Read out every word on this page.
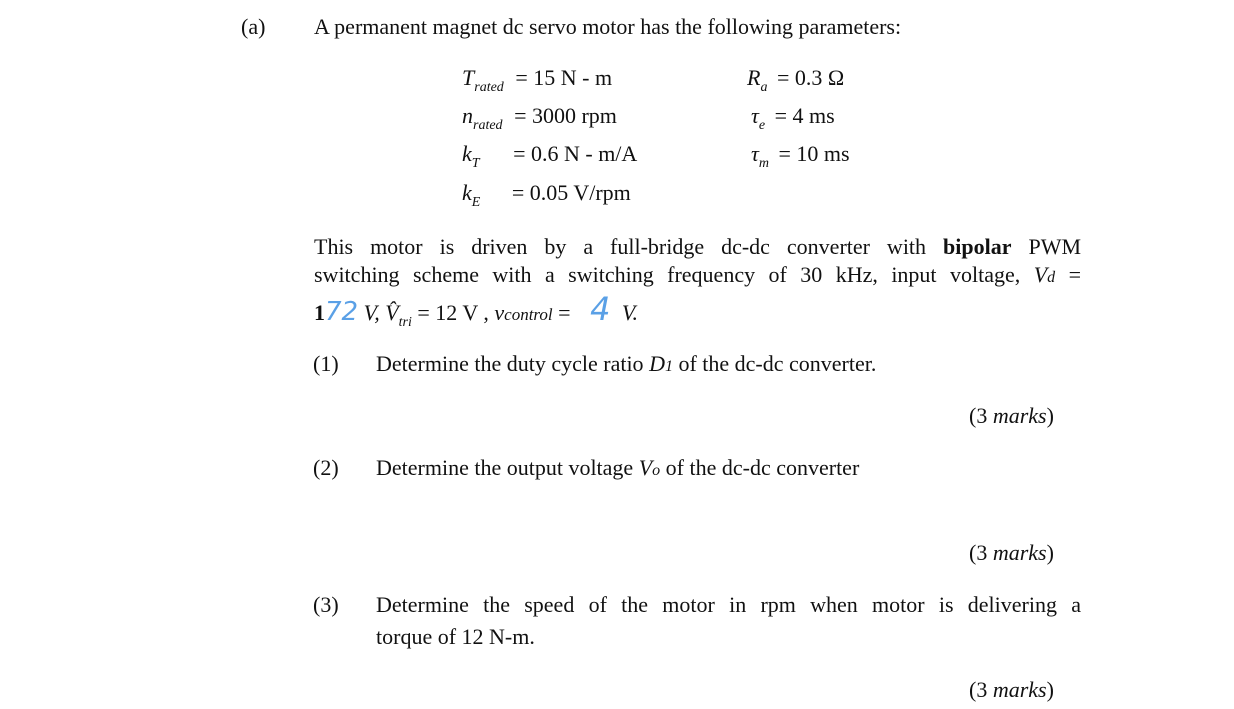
(a) A permanent magnet dc servo motor has the following parameters:
$T_{rated} = 15$ N - m
$n_{rated} = 3000$ rpm
$k_T = 0.6$ N - m/A
$k_E = 0.05$ V/rpm
$R_a = 0.3$ Ω
$\tau_e = 4$ ms
$\tau_m = 10$ ms
This motor is driven by a full-bridge dc-dc converter with bipolar PWM
switching scheme with a switching frequency of 30 kHz, input voltage, Vd =
172 V, $V̂_{tri} = 12$ V , vcontrol = 4 V.
(1) Determine the duty cycle ratio D1 of the dc-dc converter.
(3 marks)
(2) Determine the output voltage Vo of the dc-dc converter
(3 marks)
(3) Determine the speed of the motor in rpm when motor is delivering a
torque of 12 N-m.
(3 marks)
